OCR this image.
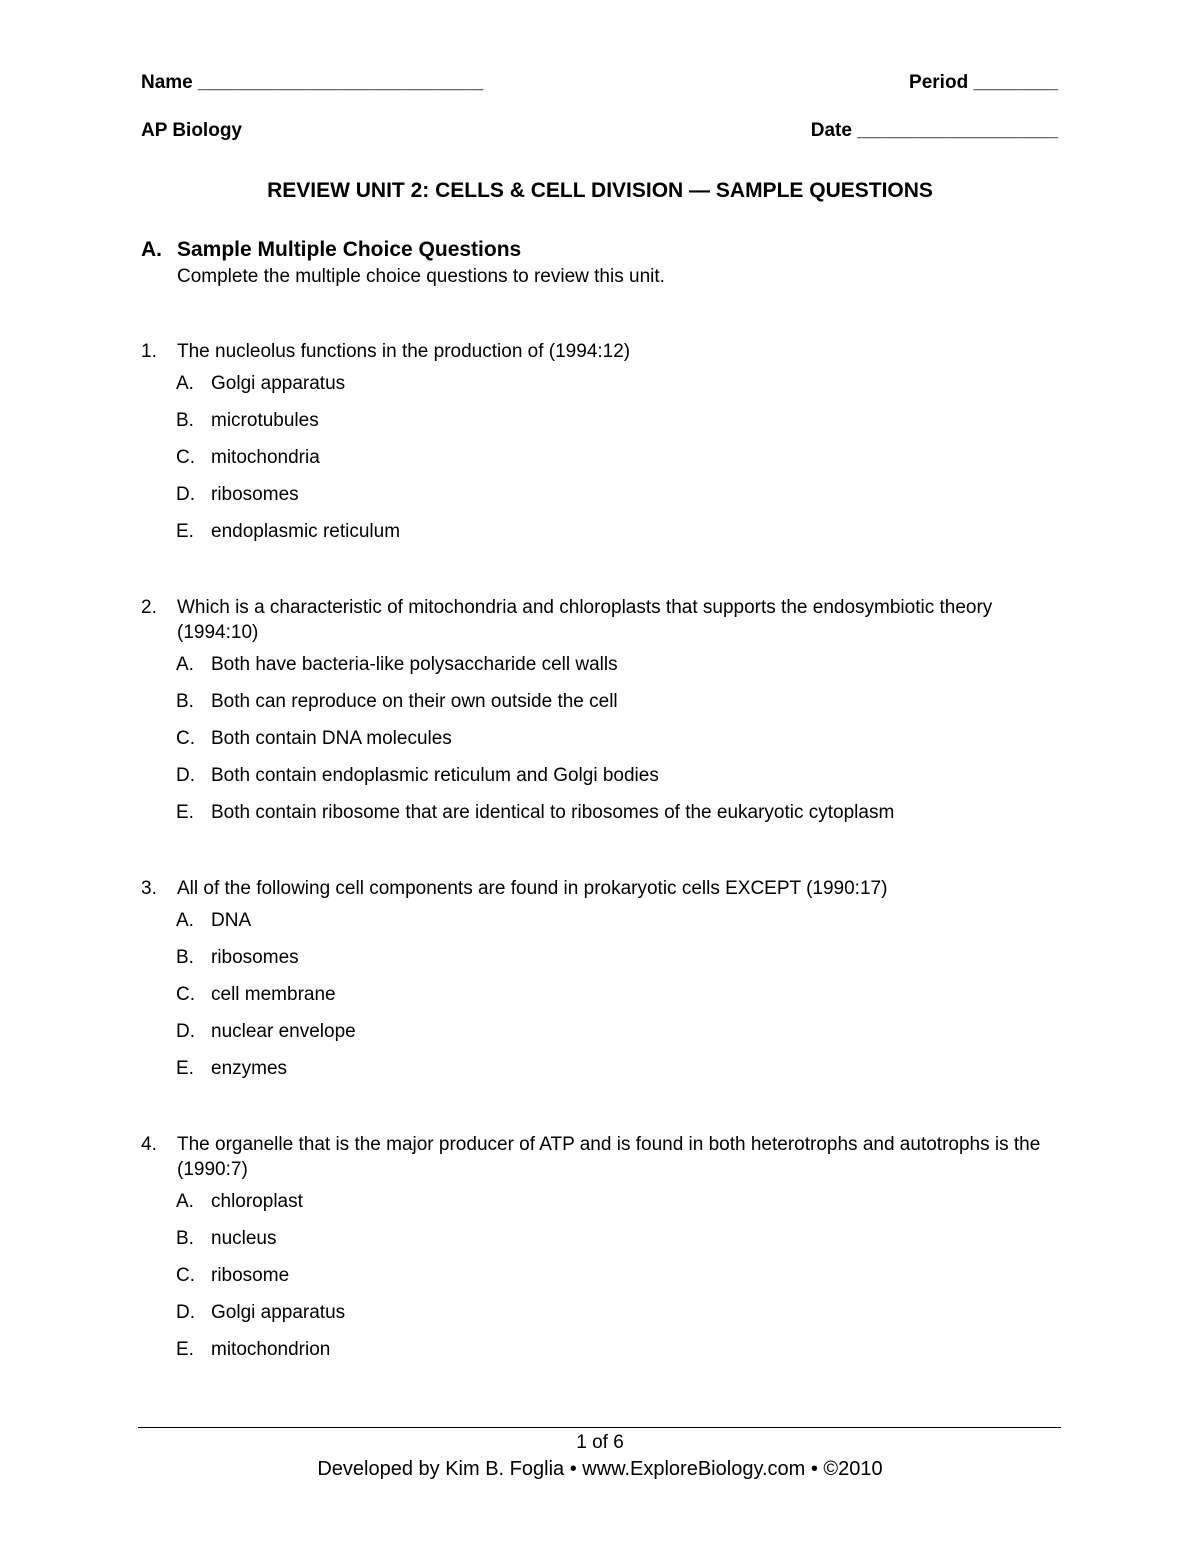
Name ___________________________	Period ________
AP Biology	Date ___________________
REVIEW UNIT 2: CELLS & CELL DIVISION — SAMPLE QUESTIONS
A. Sample Multiple Choice Questions
Complete the multiple choice questions to review this unit.
1. The nucleolus functions in the production of (1994:12)
A. Golgi apparatus
B. microtubules
C. mitochondria
D. ribosomes
E. endoplasmic reticulum
2. Which is a characteristic of mitochondria and chloroplasts that supports the endosymbiotic theory (1994:10)
A. Both have bacteria-like polysaccharide cell walls
B. Both can reproduce on their own outside the cell
C. Both contain DNA molecules
D. Both contain endoplasmic reticulum and Golgi bodies
E. Both contain ribosome that are identical to ribosomes of the eukaryotic cytoplasm
3. All of the following cell components are found in prokaryotic cells EXCEPT (1990:17)
A. DNA
B. ribosomes
C. cell membrane
D. nuclear envelope
E. enzymes
4. The organelle that is the major producer of ATP and is found in both heterotrophs and autotrophs is the (1990:7)
A. chloroplast
B. nucleus
C. ribosome
D. Golgi apparatus
E. mitochondrion
1 of 6
Developed by Kim B. Foglia • www.ExploreBiology.com • ©2010
